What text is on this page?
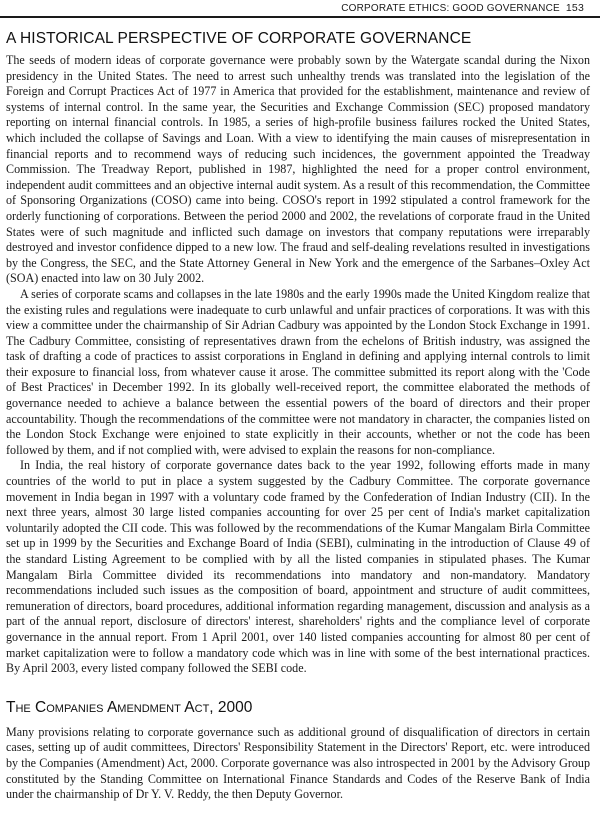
CORPORATE ETHICS: GOOD GOVERNANCE 153
A HISTORICAL PERSPECTIVE OF CORPORATE GOVERNANCE

The seeds of modern ideas of corporate governance were probably sown by the Watergate scandal during the Nixon presidency in the United States. The need to arrest such unhealthy trends was translated into the legislation of the Foreign and Corrupt Practices Act of 1977 in America that provided for the establishment, maintenance and review of systems of internal control. In the same year, the Securities and Exchange Commission (SEC) proposed mandatory reporting on internal financial controls. In 1985, a series of high-profile business failures rocked the United States, which included the collapse of Savings and Loan. With a view to identifying the main causes of misrepresentation in financial reports and to recommend ways of reducing such incidences, the government appointed the Treadway Commission. The Treadway Report, published in 1987, highlighted the need for a proper control environment, independent audit committees and an objective internal audit system. As a result of this recommendation, the Committee of Sponsoring Organizations (COSO) came into being. COSO's report in 1992 stipulated a control framework for the orderly functioning of corporations. Between the period 2000 and 2002, the revelations of corporate fraud in the United States were of such magnitude and inflicted such damage on investors that company reputations were irreparably destroyed and investor confidence dipped to a new low. The fraud and self-dealing revelations resulted in investigations by the Congress, the SEC, and the State Attorney General in New York and the emergence of the Sarbanes–Oxley Act (SOA) enacted into law on 30 July 2002.

A series of corporate scams and collapses in the late 1980s and the early 1990s made the United Kingdom realize that the existing rules and regulations were inadequate to curb unlawful and unfair practices of corporations. It was with this view a committee under the chairmanship of Sir Adrian Cadbury was appointed by the London Stock Exchange in 1991. The Cadbury Committee, consisting of representatives drawn from the echelons of British industry, was assigned the task of drafting a code of practices to assist corporations in England in defining and applying internal controls to limit their exposure to financial loss, from whatever cause it arose. The committee submitted its report along with the 'Code of Best Practices' in December 1992. In its globally well-received report, the committee elaborated the methods of governance needed to achieve a balance between the essential powers of the board of directors and their proper accountability. Though the recommendations of the committee were not mandatory in character, the companies listed on the London Stock Exchange were enjoined to state explicitly in their accounts, whether or not the code has been followed by them, and if not complied with, were advised to explain the reasons for non-compliance.

In India, the real history of corporate governance dates back to the year 1992, following efforts made in many countries of the world to put in place a system suggested by the Cadbury Committee. The corporate governance movement in India began in 1997 with a voluntary code framed by the Confederation of Indian Industry (CII). In the next three years, almost 30 large listed companies accounting for over 25 per cent of India's market capitalization voluntarily adopted the CII code. This was followed by the recommendations of the Kumar Mangalam Birla Committee set up in 1999 by the Securities and Exchange Board of India (SEBI), culminating in the introduction of Clause 49 of the standard Listing Agreement to be complied with by all the listed companies in stipulated phases. The Kumar Mangalam Birla Committee divided its recommendations into mandatory and non-mandatory. Mandatory recommendations included such issues as the composition of board, appointment and structure of audit committees, remuneration of directors, board procedures, additional information regarding management, discussion and analysis as a part of the annual report, disclosure of directors' interest, shareholders' rights and the compliance level of corporate governance in the annual report. From 1 April 2001, over 140 listed companies accounting for almost 80 per cent of market capitalization were to follow a mandatory code which was in line with some of the best international practices. By April 2003, every listed company followed the SEBI code.

The Companies Amendment Act, 2000

Many provisions relating to corporate governance such as additional ground of disqualification of directors in certain cases, setting up of audit committees, Directors' Responsibility Statement in the Directors' Report, etc. were introduced by the Companies (Amendment) Act, 2000. Corporate governance was also introspected in 2001 by the Advisory Group constituted by the Standing Committee on International Finance Standards and Codes of the Reserve Bank of India under the chairmanship of Dr Y. V. Reddy, the then Deputy Governor.
